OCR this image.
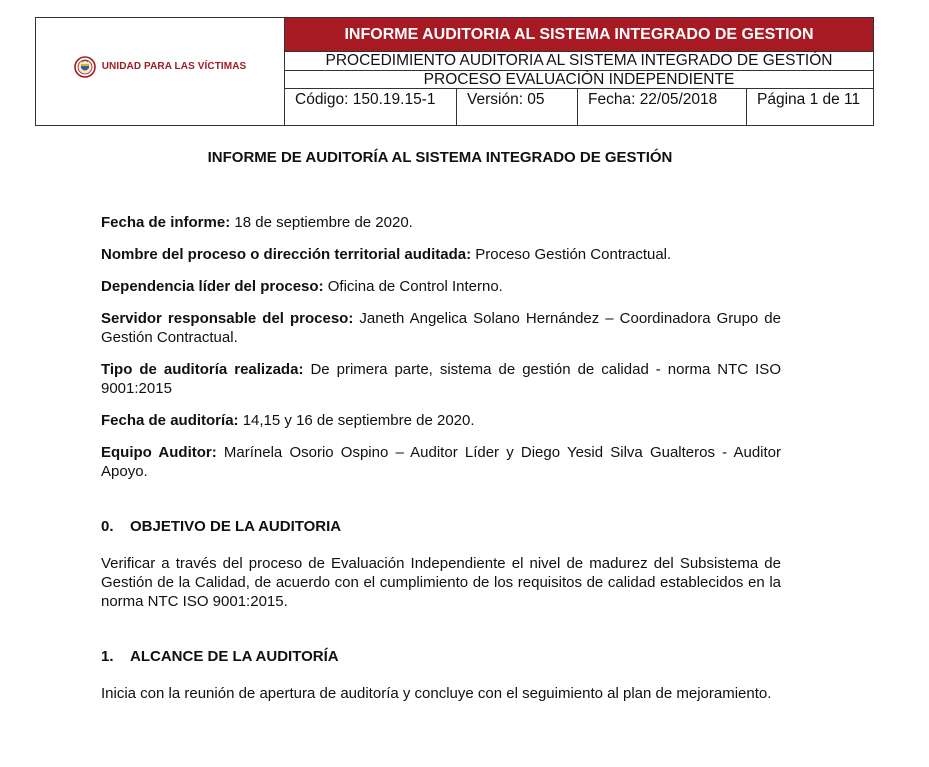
UNIDAD PARA LAS VÍCTIMAS
INFORME AUDITORIA AL SISTEMA INTEGRADO DE GESTION
PROCEDIMIENTO AUDITORIA AL SISTEMA INTEGRADO DE GESTIÓN
PROCESO EVALUACIÒN INDEPENDIENTE
Código: 150.19.15-1	Versión: 05	Fecha: 22/05/2018	Página 1 de 11
INFORME DE AUDITORÍA AL SISTEMA INTEGRADO DE GESTIÓN

Fecha de informe: 18 de septiembre de 2020.

Nombre del proceso o dirección territorial auditada: Proceso Gestión Contractual.

Dependencia líder del proceso: Oficina de Control Interno.

Servidor responsable del proceso: Janeth Angelica Solano Hernández – Coordinadora Grupo de Gestión Contractual.

Tipo de auditoría realizada: De primera parte, sistema de gestión de calidad - norma NTC ISO 9001:2015

Fecha de auditoría: 14,15 y 16 de septiembre de 2020.

Equipo Auditor: Marínela Osorio Ospino – Auditor Líder y Diego Yesid Silva Gualteros - Auditor Apoyo.

0. OBJETIVO DE LA AUDITORIA

Verificar a través del proceso de Evaluación Independiente el nivel de madurez del Subsistema de Gestión de la Calidad, de acuerdo con el cumplimiento de los requisitos de calidad establecidos en la norma NTC ISO 9001:2015.

1. ALCANCE DE LA AUDITORÍA

Inicia con la reunión de apertura de auditoría y concluye con el seguimiento al plan de mejoramiento.
